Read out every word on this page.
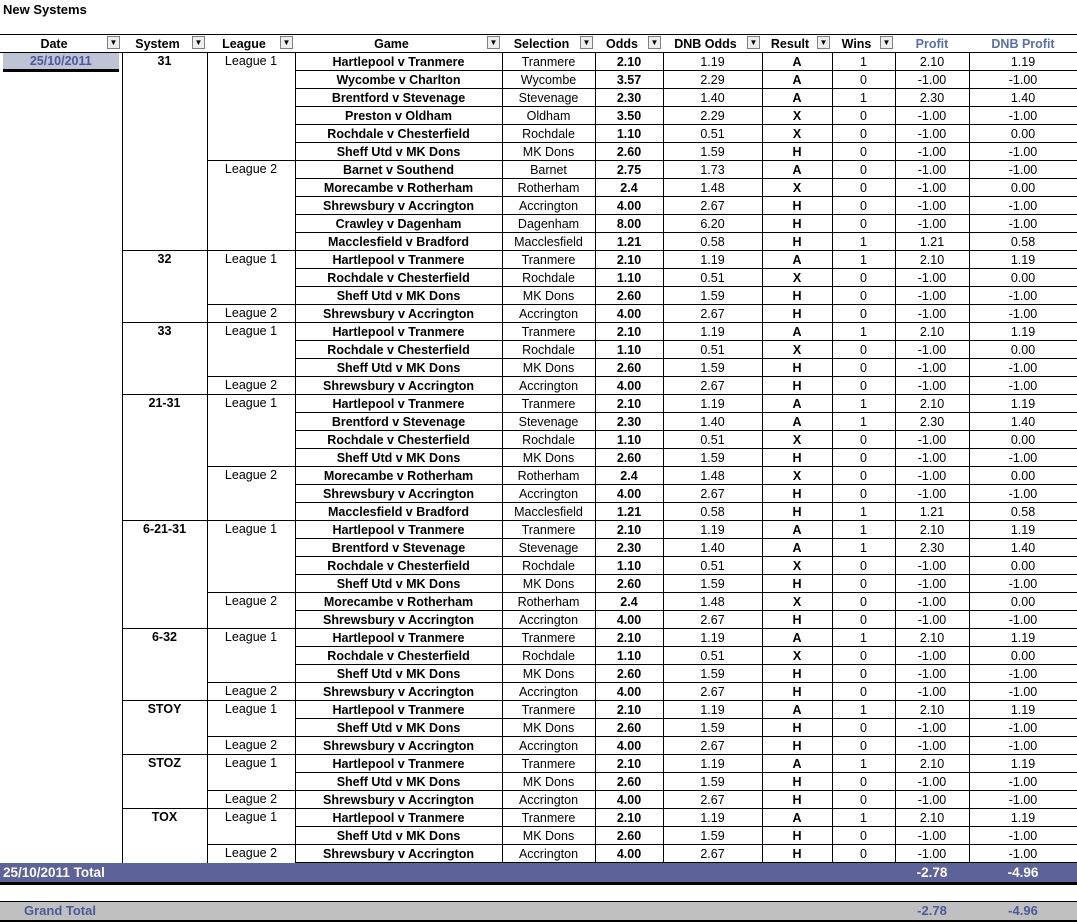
New Systems
Date ▼	System ▼	League ▼	Game ▼	Selection ▼	Odds ▼	DNB Odds ▼	Result ▼	Wins ▼	Profit	DNB Profit

25/10/2011	31	League 1	Hartlepool v Tranmere	Tranmere	2.10	1.19	A	1	2.10	1.19
			Wycombe v Charlton	Wycombe	3.57	2.29	A	0	-1.00	-1.00
			Brentford v Stevenage	Stevenage	2.30	1.40	A	1	2.30	1.40
			Preston v Oldham	Oldham	3.50	2.29	X	0	-1.00	-1.00
			Rochdale v Chesterfield	Rochdale	1.10	0.51	X	0	-1.00	0.00
			Sheff Utd v MK Dons	MK Dons	2.60	1.59	H	0	-1.00	-1.00
		League 2	Barnet v Southend	Barnet	2.75	1.73	A	0	-1.00	-1.00
			Morecambe v Rotherham	Rotherham	2.4	1.48	X	0	-1.00	0.00
			Shrewsbury v Accrington	Accrington	4.00	2.67	H	0	-1.00	-1.00
			Crawley v Dagenham	Dagenham	8.00	6.20	H	0	-1.00	-1.00
			Macclesfield v Bradford	Macclesfield	1.21	0.58	H	1	1.21	0.58
	32	League 1	Hartlepool v Tranmere	Tranmere	2.10	1.19	A	1	2.10	1.19
			Rochdale v Chesterfield	Rochdale	1.10	0.51	X	0	-1.00	0.00
			Sheff Utd v MK Dons	MK Dons	2.60	1.59	H	0	-1.00	-1.00
		League 2	Shrewsbury v Accrington	Accrington	4.00	2.67	H	0	-1.00	-1.00
	33	League 1	Hartlepool v Tranmere	Tranmere	2.10	1.19	A	1	2.10	1.19
			Rochdale v Chesterfield	Rochdale	1.10	0.51	X	0	-1.00	0.00
			Sheff Utd v MK Dons	MK Dons	2.60	1.59	H	0	-1.00	-1.00
		League 2	Shrewsbury v Accrington	Accrington	4.00	2.67	H	0	-1.00	-1.00
	21-31	League 1	Hartlepool v Tranmere	Tranmere	2.10	1.19	A	1	2.10	1.19
			Brentford v Stevenage	Stevenage	2.30	1.40	A	1	2.30	1.40
			Rochdale v Chesterfield	Rochdale	1.10	0.51	X	0	-1.00	0.00
			Sheff Utd v MK Dons	MK Dons	2.60	1.59	H	0	-1.00	-1.00
		League 2	Morecambe v Rotherham	Rotherham	2.4	1.48	X	0	-1.00	0.00
			Shrewsbury v Accrington	Accrington	4.00	2.67	H	0	-1.00	-1.00
			Macclesfield v Bradford	Macclesfield	1.21	0.58	H	1	1.21	0.58
	6-21-31	League 1	Hartlepool v Tranmere	Tranmere	2.10	1.19	A	1	2.10	1.19
			Brentford v Stevenage	Stevenage	2.30	1.40	A	1	2.30	1.40
			Rochdale v Chesterfield	Rochdale	1.10	0.51	X	0	-1.00	0.00
			Sheff Utd v MK Dons	MK Dons	2.60	1.59	H	0	-1.00	-1.00
		League 2	Morecambe v Rotherham	Rotherham	2.4	1.48	X	0	-1.00	0.00
			Shrewsbury v Accrington	Accrington	4.00	2.67	H	0	-1.00	-1.00
	6-32	League 1	Hartlepool v Tranmere	Tranmere	2.10	1.19	A	1	2.10	1.19
			Rochdale v Chesterfield	Rochdale	1.10	0.51	X	0	-1.00	0.00
			Sheff Utd v MK Dons	MK Dons	2.60	1.59	H	0	-1.00	-1.00
		League 2	Shrewsbury v Accrington	Accrington	4.00	2.67	H	0	-1.00	-1.00
	STOY	League 1	Hartlepool v Tranmere	Tranmere	2.10	1.19	A	1	2.10	1.19
			Sheff Utd v MK Dons	MK Dons	2.60	1.59	H	0	-1.00	-1.00
		League 2	Shrewsbury v Accrington	Accrington	4.00	2.67	H	0	-1.00	-1.00
	STOZ	League 1	Hartlepool v Tranmere	Tranmere	2.10	1.19	A	1	2.10	1.19
			Sheff Utd v MK Dons	MK Dons	2.60	1.59	H	0	-1.00	-1.00
		League 2	Shrewsbury v Accrington	Accrington	4.00	2.67	H	0	-1.00	-1.00
	TOX	League 1	Hartlepool v Tranmere	Tranmere	2.10	1.19	A	1	2.10	1.19
			Sheff Utd v MK Dons	MK Dons	2.60	1.59	H	0	-1.00	-1.00
		League 2	Shrewsbury v Accrington	Accrington	4.00	2.67	H	0	-1.00	-1.00
25/10/2011 Total									-2.78	-4.96

Grand Total									-2.78	-4.96
